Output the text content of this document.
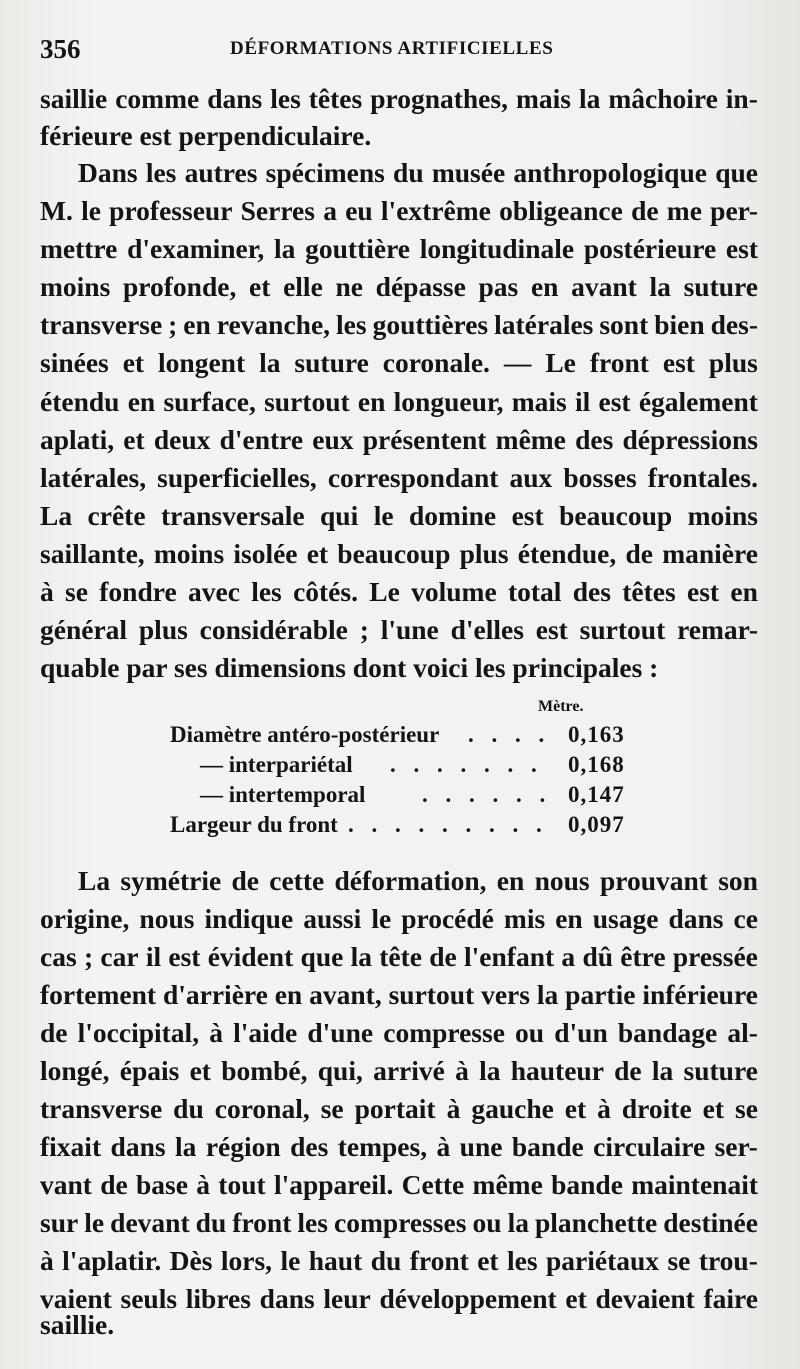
356	DÉFORMATIONS ARTIFICIELLES
saillie comme dans les têtes prognathes, mais la mâchoire in-
férieure est perpendiculaire.
Dans les autres spécimens du musée anthropologique que
M. le professeur Serres a eu l'extrême obligeance de me per-
mettre d'examiner, la gouttière longitudinale postérieure est
moins profonde, et elle ne dépasse pas en avant la suture
transverse ; en revanche, les gouttières latérales sont bien des-
sinées et longent la suture coronale. — Le front est plus
étendu en surface, surtout en longueur, mais il est également
aplati, et deux d'entre eux présentent même des dépressions
latérales, superficielles, correspondant aux bosses frontales.
La crête transversale qui le domine est beaucoup moins
saillante, moins isolée et beaucoup plus étendue, de manière
à se fondre avec les côtés. Le volume total des têtes est en
général plus considérable ; l'une d'elles est surtout remar-
quable par ses dimensions dont voici les principales :
Mètre.
Diamètre antéro-postérieur . . . . 0,163
— interpariétal . . . . . . . 0,168
— intertemporal . . . . . . 0,147
Largeur du front . . . . . . . . . 0,097
La symétrie de cette déformation, en nous prouvant son
origine, nous indique aussi le procédé mis en usage dans ce
cas ; car il est évident que la tête de l'enfant a dû être pressée
fortement d'arrière en avant, surtout vers la partie inférieure
de l'occipital, à l'aide d'une compresse ou d'un bandage al-
longé, épais et bombé, qui, arrivé à la hauteur de la suture
transverse du coronal, se portait à gauche et à droite et se
fixait dans la région des tempes, à une bande circulaire ser-
vant de base à tout l'appareil. Cette même bande maintenait
sur le devant du front les compresses ou la planchette destinée
à l'aplatir. Dès lors, le haut du front et les pariétaux se trou-
vaient seuls libres dans leur développement et devaient faire
saillie.
